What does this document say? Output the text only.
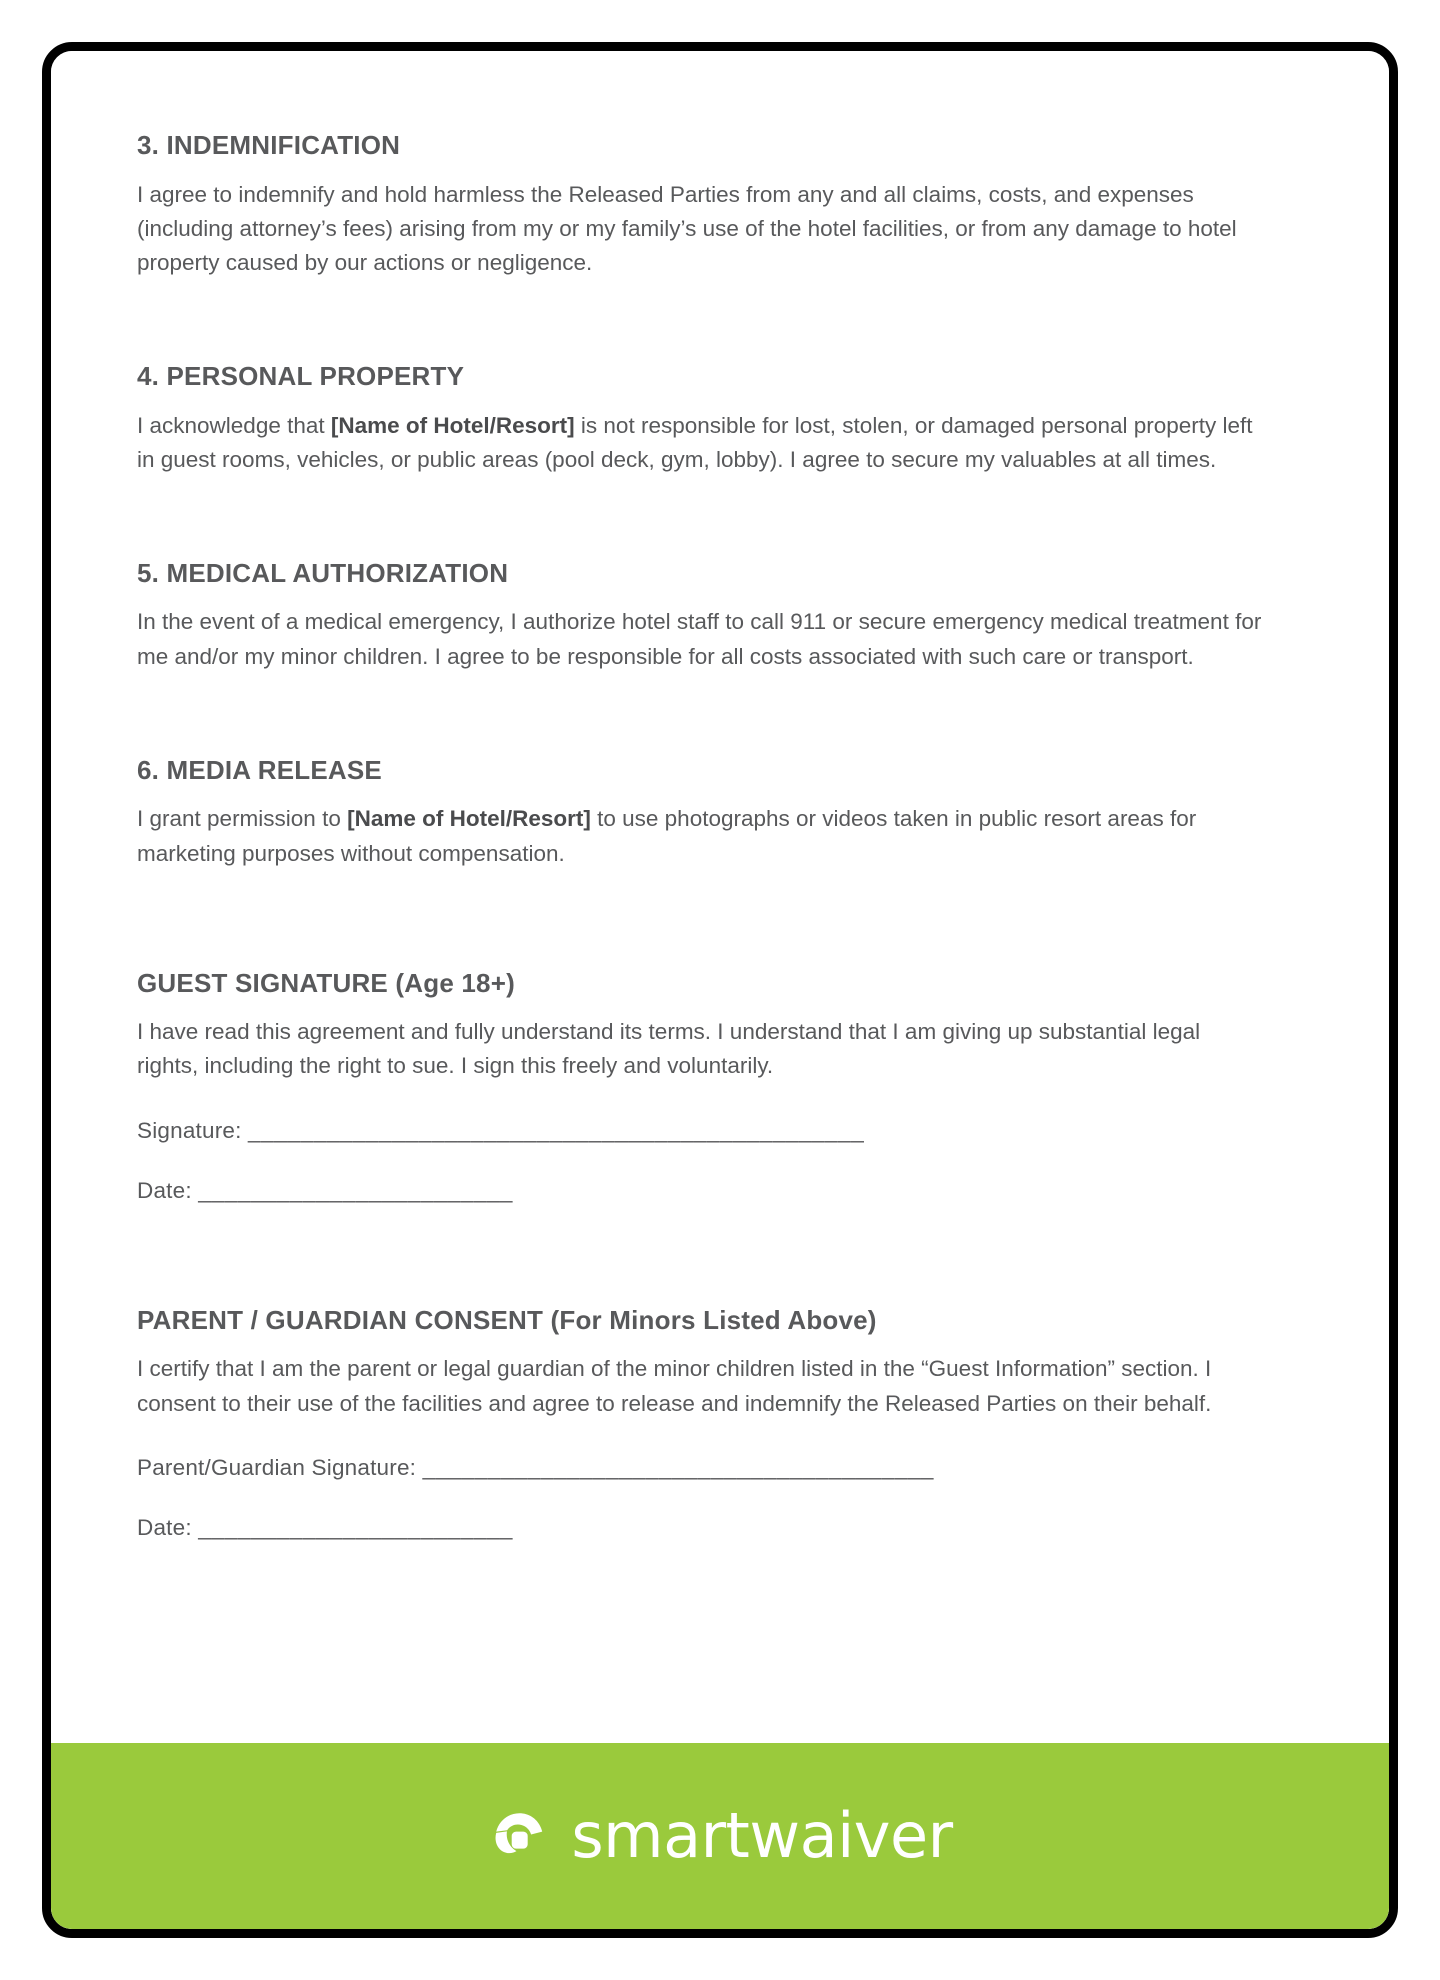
3. INDEMNIFICATION

I agree to indemnify and hold harmless the Released Parties from any and all claims, costs, and expenses (including attorney’s fees) arising from my or my family’s use of the hotel facilities, or from any damage to hotel property caused by our actions or negligence.

4. PERSONAL PROPERTY

I acknowledge that [Name of Hotel/Resort] is not responsible for lost, stolen, or damaged personal property left in guest rooms, vehicles, or public areas (pool deck, gym, lobby). I agree to secure my valuables at all times.

5. MEDICAL AUTHORIZATION

In the event of a medical emergency, I authorize hotel staff to call 911 or secure emergency medical treatment for me and/or my minor children. I agree to be responsible for all costs associated with such care or transport.

6. MEDIA RELEASE

I grant permission to [Name of Hotel/Resort] to use photographs or videos taken in public resort areas for marketing purposes without compensation.

GUEST SIGNATURE (Age 18+)

I have read this agreement and fully understand its terms. I understand that I am giving up substantial legal rights, including the right to sue. I sign this freely and voluntarily.

Signature: _______________________________________________

Date: ________________________

PARENT / GUARDIAN CONSENT (For Minors Listed Above)

I certify that I am the parent or legal guardian of the minor children listed in the “Guest Information” section. I consent to their use of the facilities and agree to release and indemnify the Released Parties on their behalf.

Parent/Guardian Signature: _______________________________________

Date: ________________________

smartwaiver
